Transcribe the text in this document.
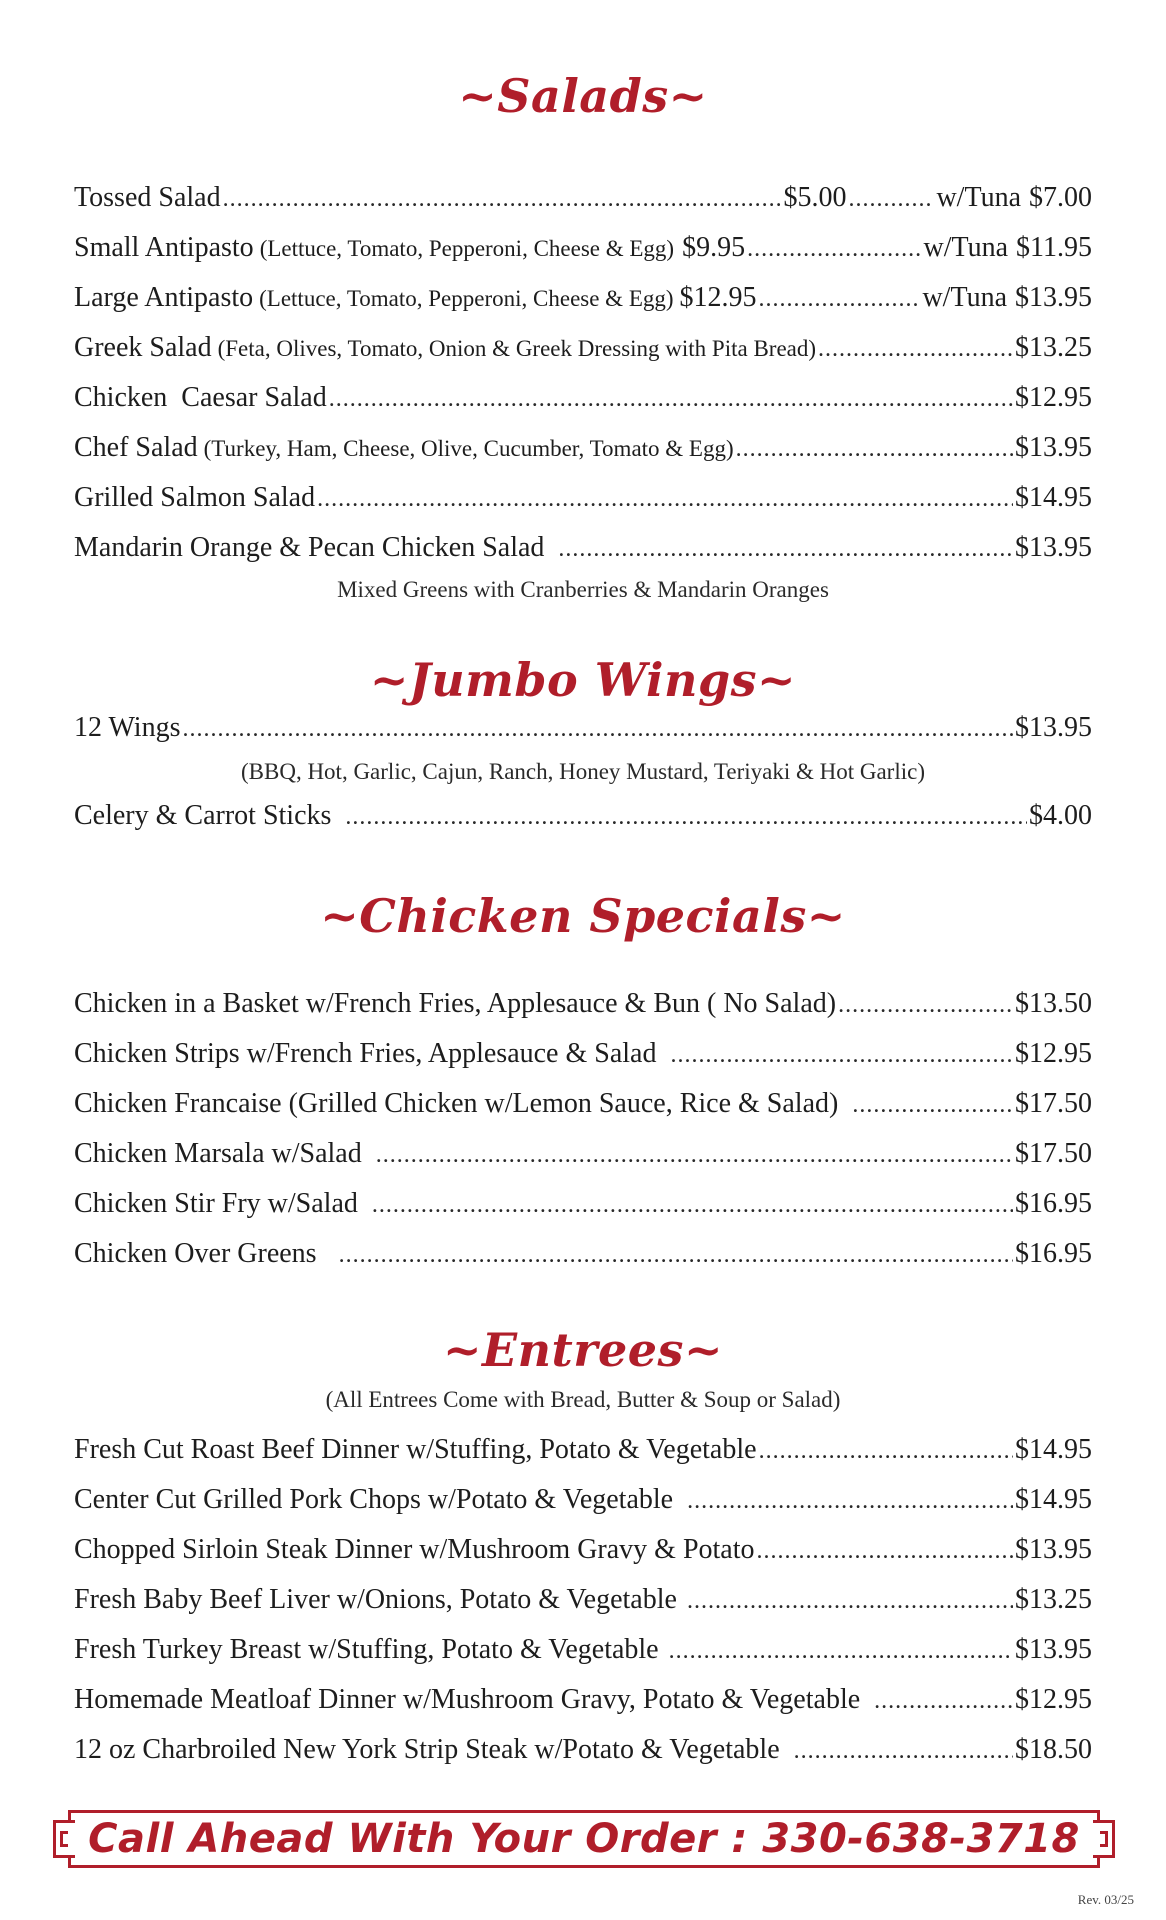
~Salads~
Tossed Salad .....	$5.00 .....	w/Tuna $7.00
Small Antipasto (Lettuce, Tomato, Pepperoni, Cheese & Egg) $9.95 .....	w/Tuna $11.95
Large Antipasto (Lettuce, Tomato, Pepperoni, Cheese & Egg) $12.95 .....	w/Tuna $13.95
Greek Salad (Feta, Olives, Tomato, Onion & Greek Dressing with Pita Bread) .....	$13.25
Chicken  Caesar Salad .....	$12.95
Chef Salad (Turkey, Ham, Cheese, Olive, Cucumber, Tomato & Egg) .....	$13.95
Grilled Salmon Salad .....	$14.95
Mandarin Orange & Pecan Chicken Salad .....	$13.95
Mixed Greens with Cranberries & Mandarin Oranges
~Jumbo Wings~
12 Wings .....	$13.95
(BBQ, Hot, Garlic, Cajun, Ranch, Honey Mustard, Teriyaki & Hot Garlic)
Celery & Carrot Sticks .....	$4.00
~Chicken Specials~
Chicken in a Basket w/French Fries, Applesauce & Bun ( No Salad) .....	$13.50
Chicken Strips w/French Fries, Applesauce & Salad .....	$12.95
Chicken Francaise (Grilled Chicken w/Lemon Sauce, Rice & Salad) .....	$17.50
Chicken Marsala w/Salad .....	$17.50
Chicken Stir Fry w/Salad .....	$16.95
Chicken Over Greens .....	$16.95
~Entrees~
(All Entrees Come with Bread, Butter & Soup or Salad)
Fresh Cut Roast Beef Dinner w/Stuffing, Potato & Vegetable .....	$14.95
Center Cut Grilled Pork Chops w/Potato & Vegetable .....	$14.95
Chopped Sirloin Steak Dinner w/Mushroom Gravy & Potato .....	$13.95
Fresh Baby Beef Liver w/Onions, Potato & Vegetable .....	$13.25
Fresh Turkey Breast w/Stuffing, Potato & Vegetable .....	$13.95
Homemade Meatloaf Dinner w/Mushroom Gravy, Potato & Vegetable .....	$12.95
12 oz Charbroiled New York Strip Steak w/Potato & Vegetable .....	$18.50
Call Ahead With Your Order : 330-638-3718
Rev. 03/25
